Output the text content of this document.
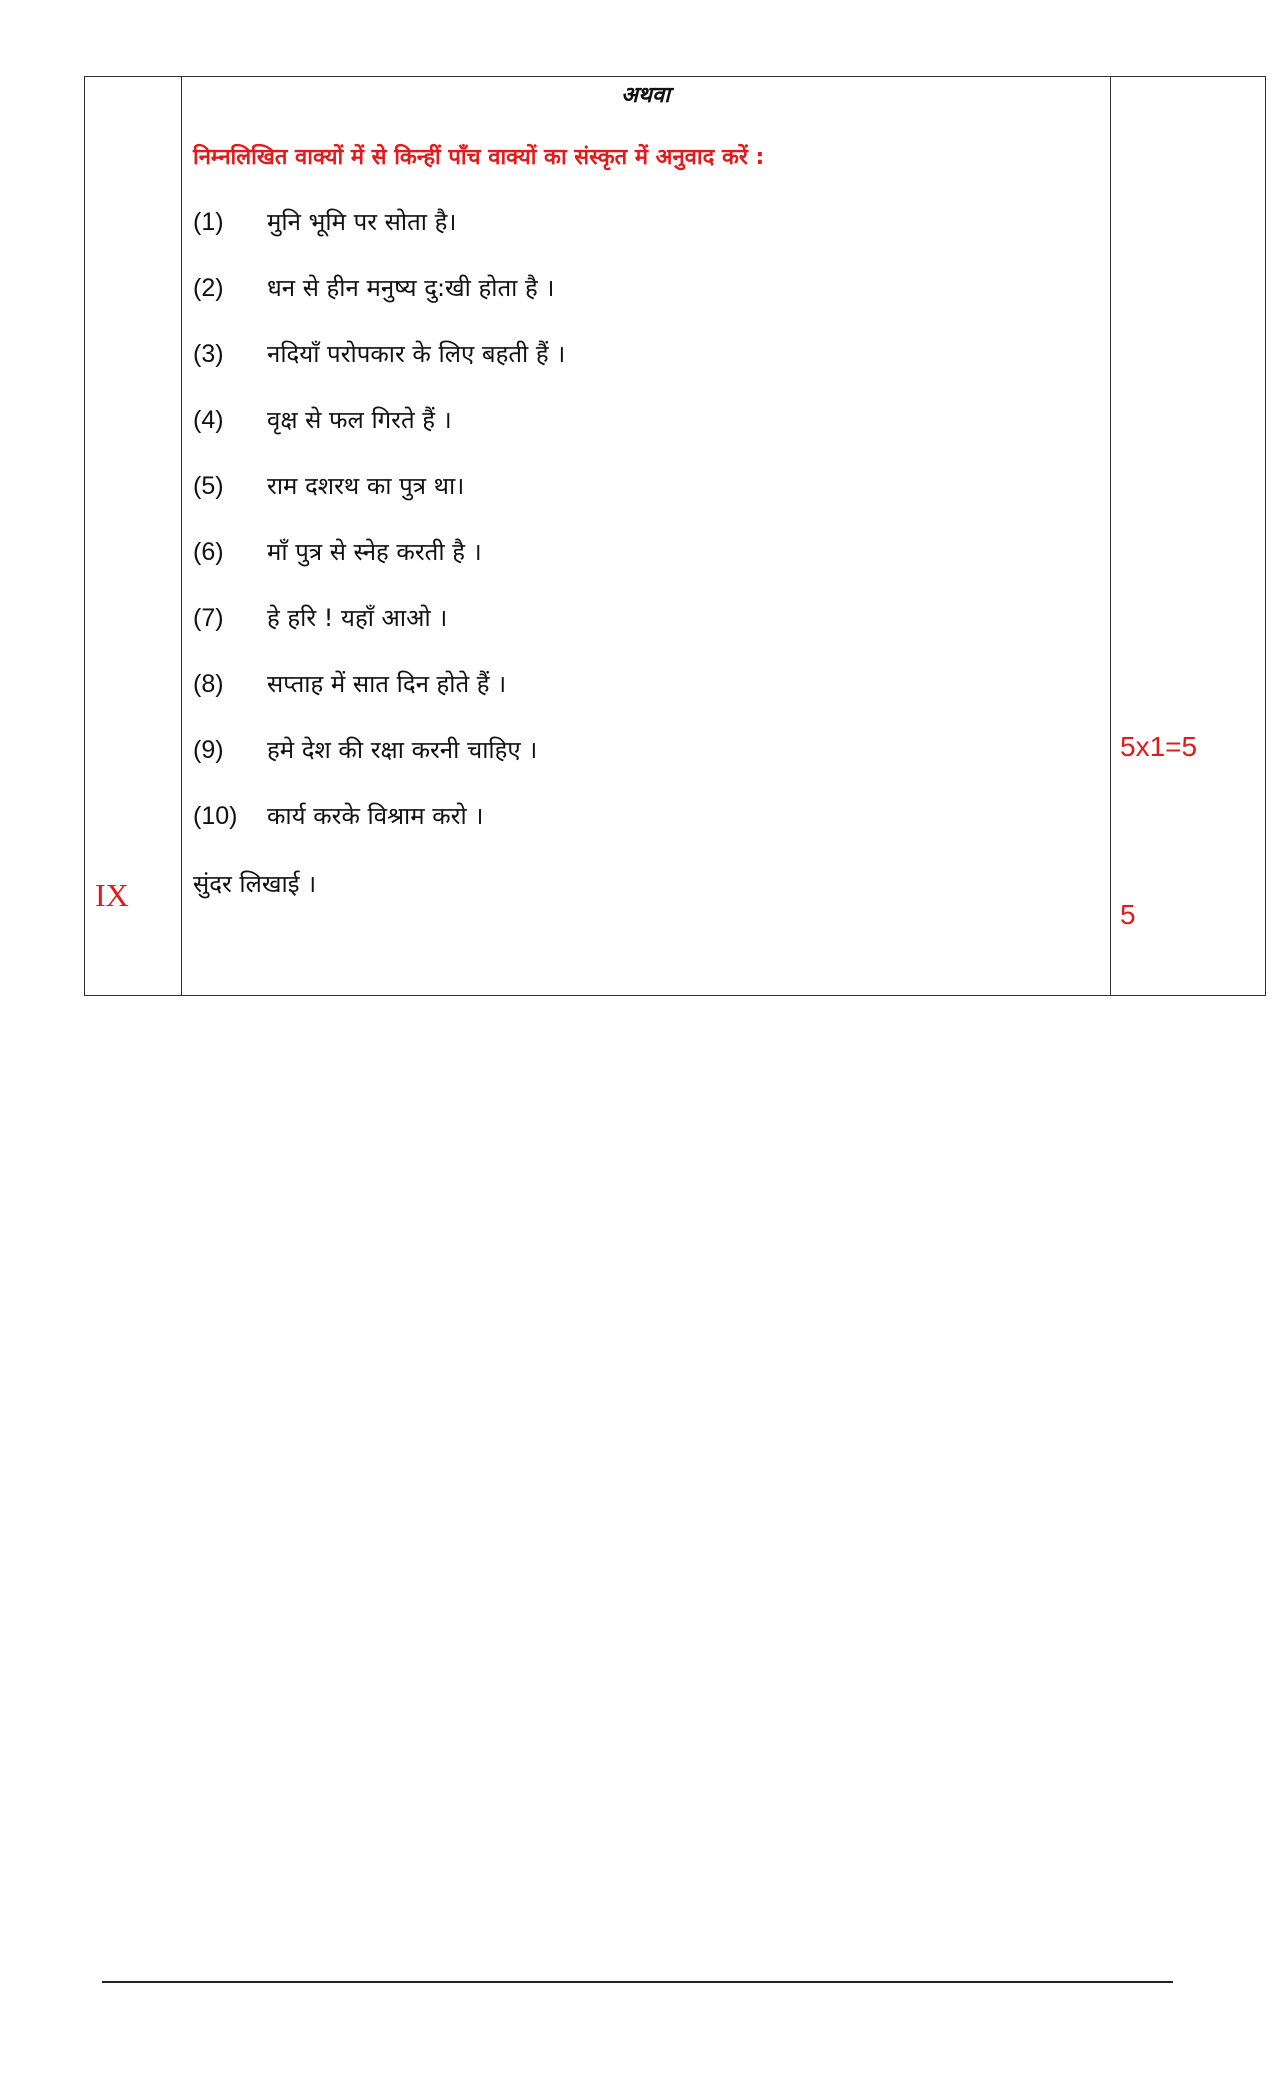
IX
अथवा
निम्नलिखित वाक्यों में से किन्हीं पाँच वाक्यों का संस्कृत में अनुवाद करें :
(1) मुनि भूमि पर सोता है।
(2) धन से हीन मनुष्य दु:खी होता है ।
(3) नदियाँ परोपकार के लिए बहती हैं ।
(4) वृक्ष से फल गिरते हैं ।
(5) राम दशरथ का पुत्र था।
(6) माँ पुत्र से स्नेह करती है ।
(7) हे हरि ! यहाँ आओ ।
(8) सप्ताह में सात दिन होते हैं ।
(9) हमे देश की रक्षा करनी चाहिए ।
(10) कार्य करके विश्राम करो ।
सुंदर लिखाई ।
5x1=5
5
